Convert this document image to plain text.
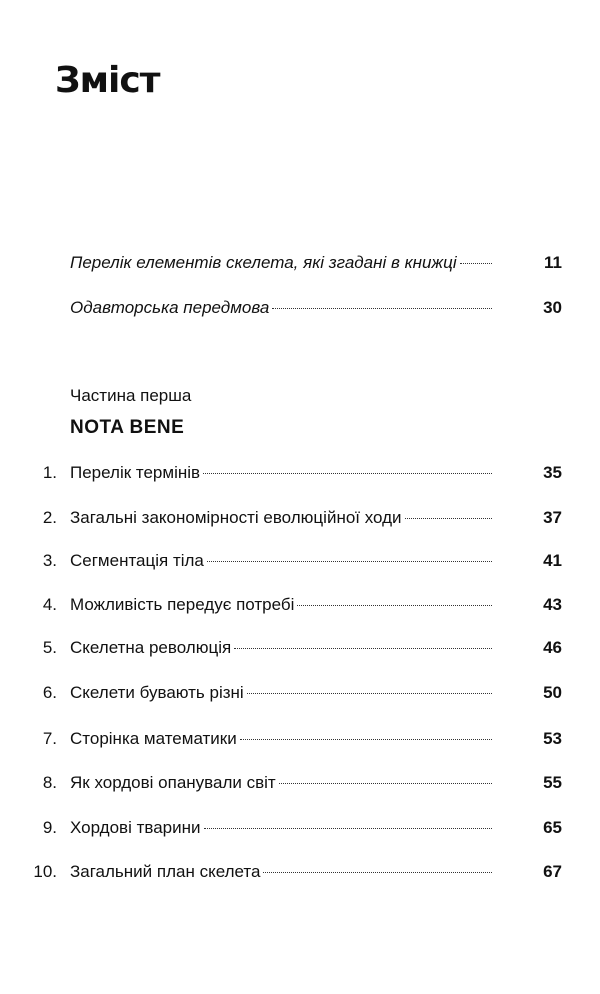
Зміст
Перелік елементів скелета, які згадані в книжці	11
Одавторська передмова	30

Частина перша

NOTA BENE

1. Перелік термінів	35
2. Загальні закономірності еволюційної ходи	37
3. Сегментація тіла	41
4. Можливість передує потребі	43
5. Скелетна революція	46
6. Скелети бувають різні	50
7. Сторінка математики	53
8. Як хордові опанували світ	55
9. Хордові тварини	65
10. Загальний план скелета	67
